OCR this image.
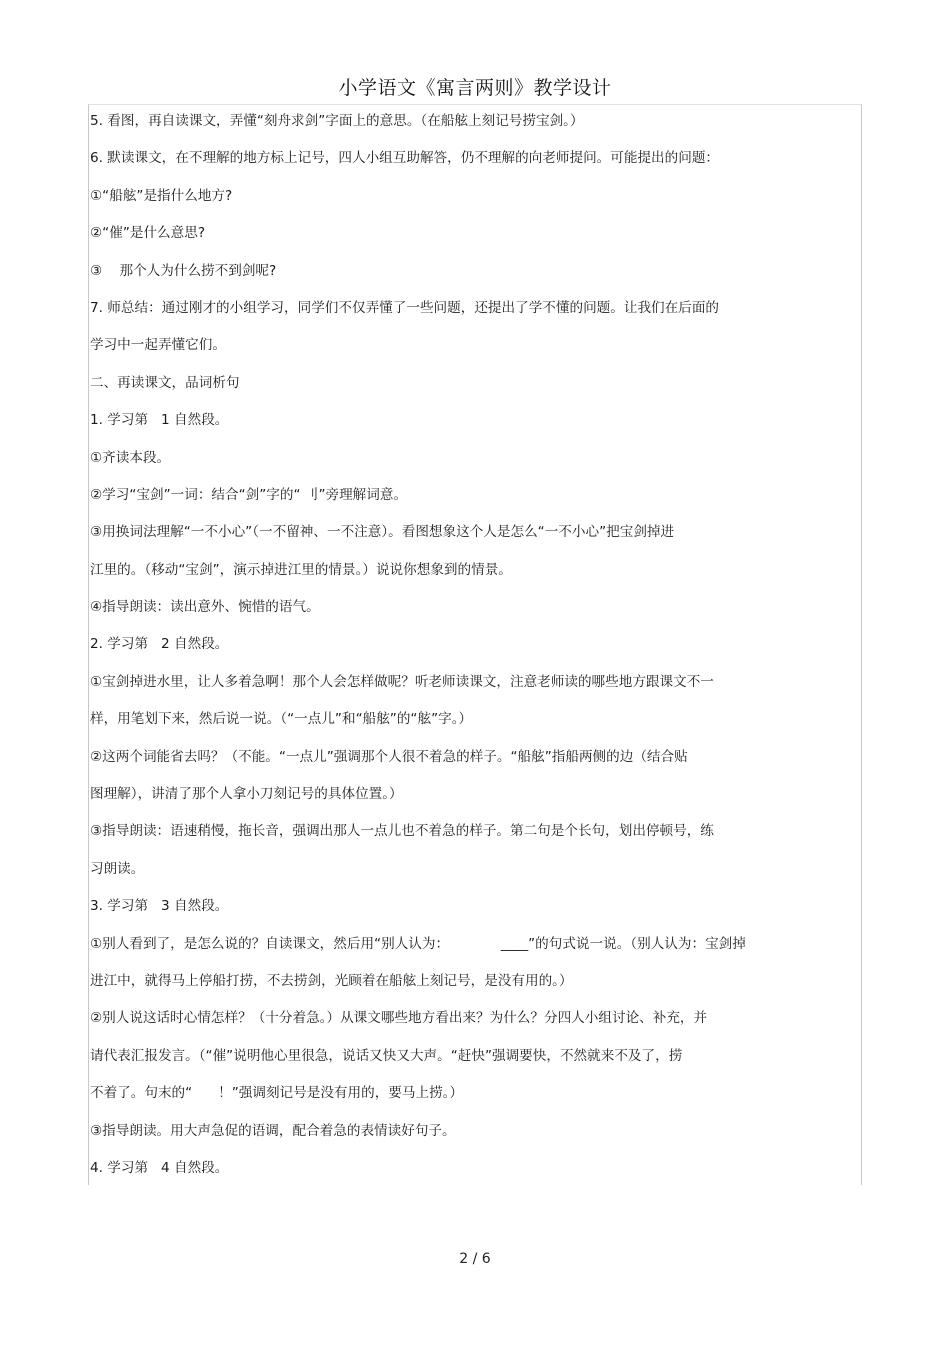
小学语文《寓言两则》教学设计
5. 看图，再自读课文，弄懂“刻舟求剑”字面上的意思。（在船舷上刻记号捞宝剑。）
6. 默读课文，在不理解的地方标上记号，四人小组互助解答，仍不理解的向老师提问。可能提出的问题：
①“船舷”是指什么地方?
②“催”是什么意思?
③    那个人为什么捞不到剑呢?
7. 师总结：通过刚才的小组学习，同学们不仅弄懂了一些问题，还提出了学不懂的问题。让我们在后面的
学习中一起弄懂它们。
二、再读课文，品词析句
1. 学习第   1 自然段。
①齐读本段。
②学习“宝剑”一词：结合“剑”字的“ 刂”旁理解词意。
③用换词法理解“一不小心”（一不留神、一不注意）。看图想象这个人是怎么“一不小心”把宝剑掉进
江里的。（移动“宝剑”，演示掉进江里的情景。）说说你想象到的情景。
④指导朗读：读出意外、惋惜的语气。
2. 学习第   2 自然段。
①宝剑掉进水里，让人多着急啊！那个人会怎样做呢？听老师读课文，注意老师读的哪些地方跟课文不一
样，用笔划下来，然后说一说。（“一点儿”和“船舷”的“舷”字。）
②这两个词能省去吗？（不能。“一点儿”强调那个人很不着急的样子。“船舷”指船两侧的边（结合贴
图理解），讲清了那个人拿小刀刻记号的具体位置。）
③指导朗读：语速稍慢，拖长音，强调出那人一点儿也不着急的样子。第二句是个长句，划出停顿号，练
习朗读。
3. 学习第   3 自然段。
①别人看到了，是怎么说的？自读课文，然后用“别人认为：            ____”的句式说一说。（别人认为：宝剑掉
进江中，就得马上停船打捞，不去捞剑，光顾着在船舷上刻记号，是没有用的。）
②别人说这话时心情怎样？（十分着急。）从课文哪些地方看出来？为什么？分四人小组讨论、补充，并
请代表汇报发言。（“催”说明他心里很急，说话又快又大声。“赶快”强调要快，不然就来不及了，捞
不着了。句末的“      ！”强调刻记号是没有用的，要马上捞。）
③指导朗读。用大声急促的语调，配合着急的表情读好句子。
4. 学习第   4 自然段。
2 / 6
